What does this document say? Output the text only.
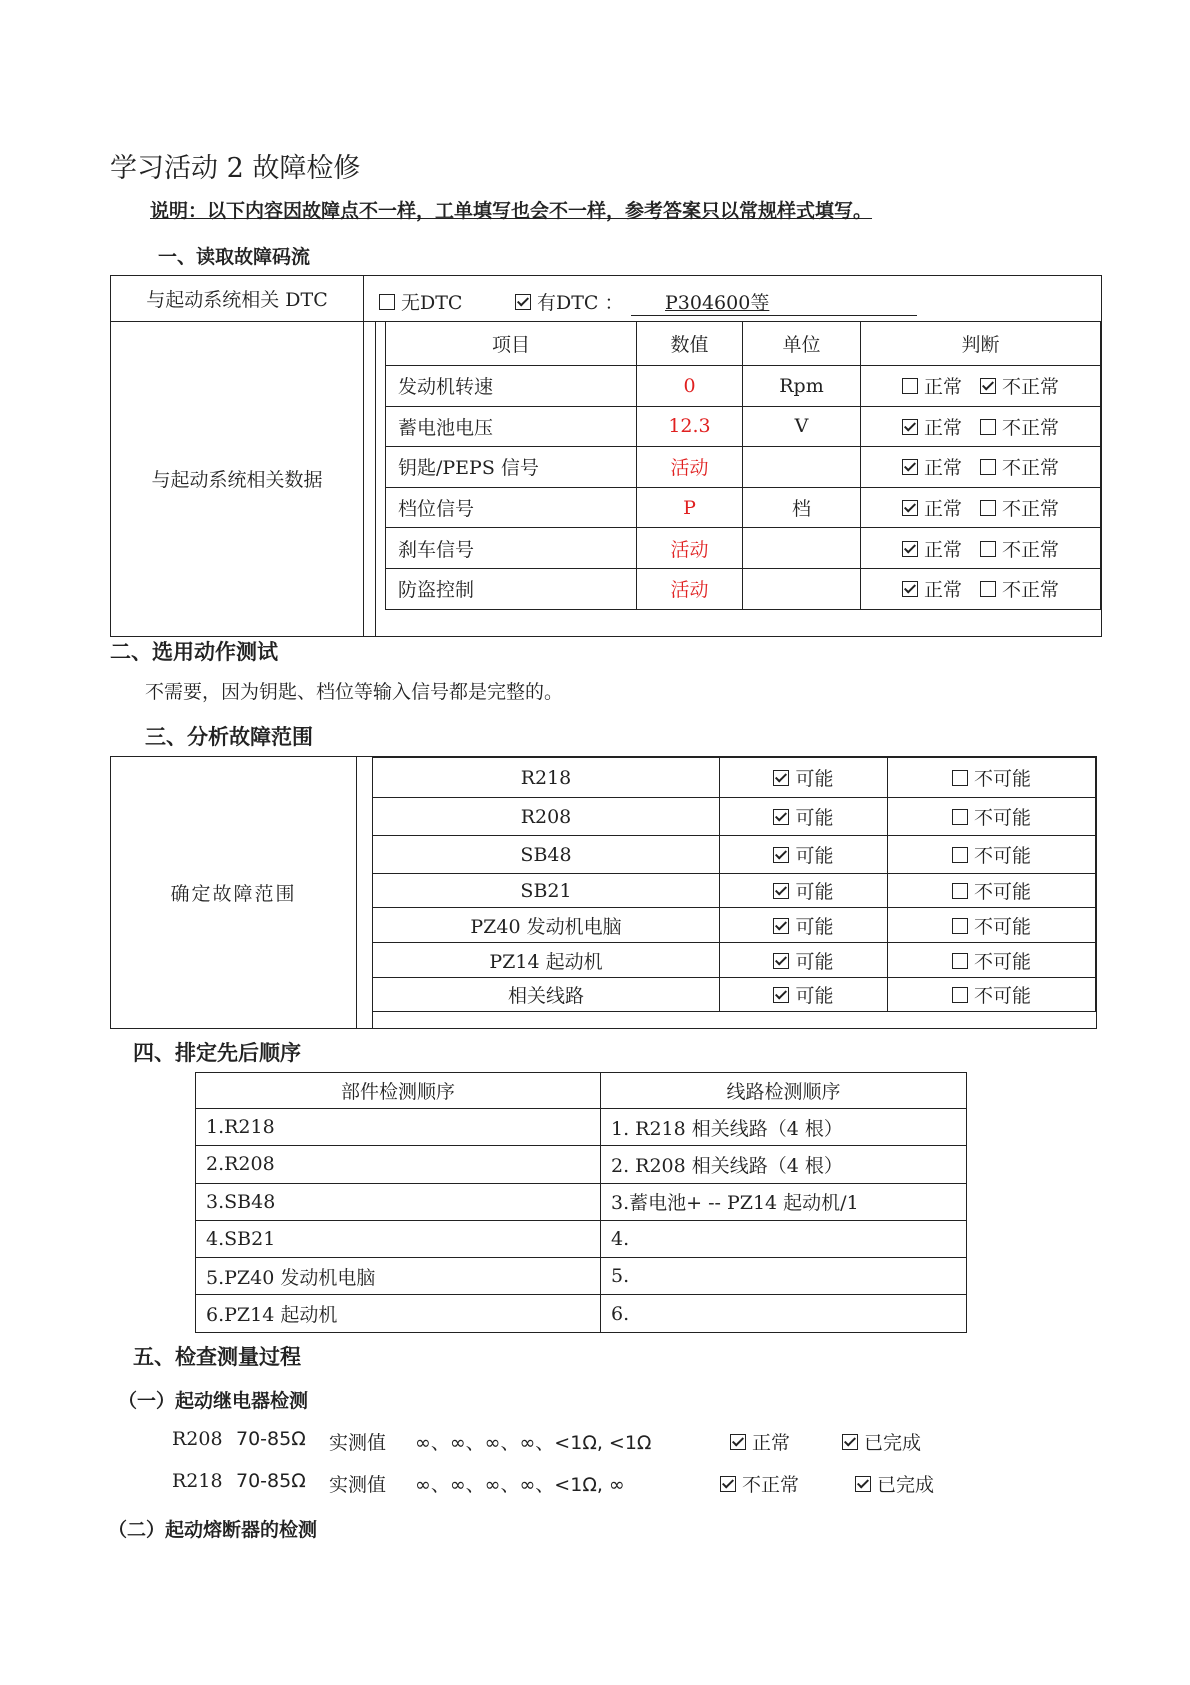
学习活动 2 故障检修
说明：以下内容因故障点不一样，工单填写也会不一样，参考答案只以常规样式填写。
一、读取故障码流
与起动系统相关 DTC	无DTC	有DTC ：	P304600等
与起动系统相关数据
项目	数值	单位	判断
发动机转速	0	Rpm	正常 不正常
蓄电池电压	12.3	V	正常 不正常
钥匙/PEPS 信号	活动		正常 不正常
档位信号	P	档	正常 不正常
刹车信号	活动		正常 不正常
防盗控制	活动		正常 不正常
二、选用动作测试
不需要，因为钥匙、档位等输入信号都是完整的。
三、分析故障范围
确定故障范围
R218	可能	不可能
R208	可能	不可能
SB48	可能	不可能
SB21	可能	不可能
PZ40 发动机电脑	可能	不可能
PZ14 起动机	可能	不可能
相关线路	可能	不可能
四、排定先后顺序
部件检测顺序	线路检测顺序
1.R218	1. R218 相关线路（4 根）
2.R208	2. R208 相关线路（4 根）
3.SB48	3.蓄电池+ -- PZ14 起动机/1
4.SB21	4.
5.PZ40 发动机电脑	5.
6.PZ14 起动机	6.
五、检查测量过程
（一）起动继电器检测
R208 70-85Ω 实测值 ∞、∞、∞、∞、<1Ω, <1Ω	正常	已完成
R218 70-85Ω 实测值 ∞、∞、∞、∞、<1Ω, ∞	不正常	已完成
（二）起动熔断器的检测
